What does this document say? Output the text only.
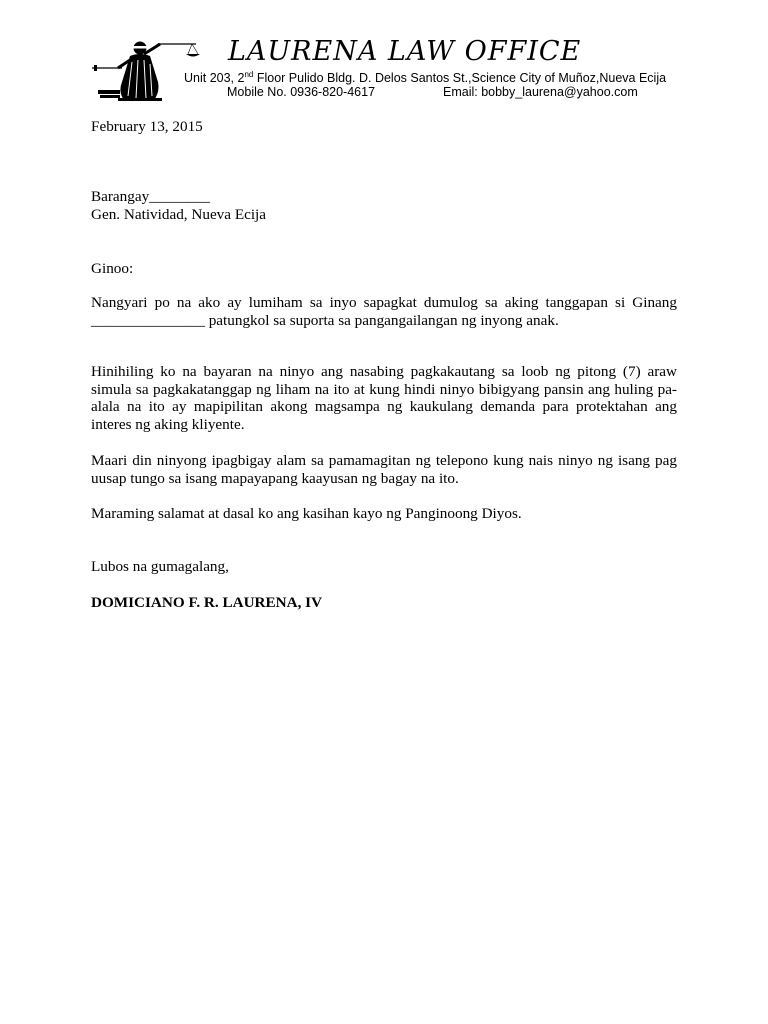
LAURENA LAW OFFICE
Unit 203, 2nd Floor Pulido Bldg. D. Delos Santos St.,Science City of Muñoz,Nueva Ecija
Mobile No. 0936-820-4617	Email: bobby_laurena@yahoo.com
February 13, 2015
Barangay________
Gen. Natividad, Nueva Ecija
Ginoo:
Nangyari po na ako ay lumiham sa inyo sapagkat dumulog sa aking tanggapan si Ginang _______________ patungkol sa suporta sa pangangailangan ng inyong anak.
Hinihiling ko na bayaran na ninyo ang nasabing pagkakautang sa loob ng pitong (7) araw simula sa pagkakatanggap ng liham na ito at kung hindi ninyo bibigyang pansin ang huling pa-alala na ito ay mapipilitan akong magsampa ng kaukulang demanda para protektahan ang interes ng aking kliyente.
Maari din ninyong ipagbigay alam sa pamamagitan ng telepono kung nais ninyo ng isang pag uusap tungo sa isang mapayapang kaayusan ng bagay na ito.
Maraming salamat at dasal ko ang kasihan kayo ng Panginoong Diyos.
Lubos na gumagalang,
DOMICIANO F. R. LAURENA, IV
